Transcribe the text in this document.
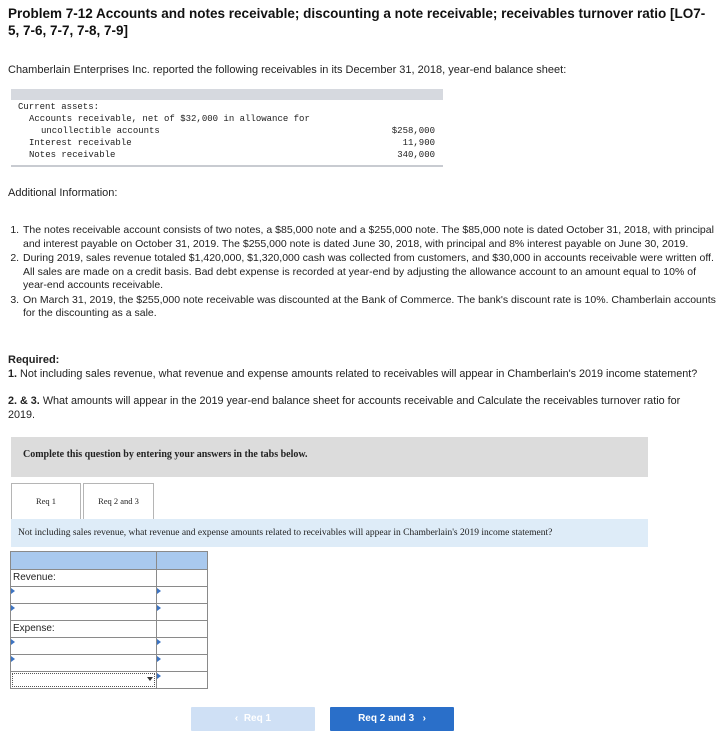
Problem 7-12 Accounts and notes receivable; discounting a note receivable; receivables turnover ratio [LO7-5, 7-6, 7-7, 7-8, 7-9]
Chamberlain Enterprises Inc. reported the following receivables in its December 31, 2018, year-end balance sheet:
Current assets:
Accounts receivable, net of $32,000 in allowance for
uncollectible accounts	$258,000
Interest receivable	11,900
Notes receivable	340,000
Additional Information:
1. The notes receivable account consists of two notes, a $85,000 note and a $255,000 note. The $85,000 note is dated October 31, 2018, with principal and interest payable on October 31, 2019. The $255,000 note is dated June 30, 2018, with principal and 8% interest payable on June 30, 2019.
2. During 2019, sales revenue totaled $1,420,000, $1,320,000 cash was collected from customers, and $30,000 in accounts receivable were written off. All sales are made on a credit basis. Bad debt expense is recorded at year-end by adjusting the allowance account to an amount equal to 10% of year-end accounts receivable.
3. On March 31, 2019, the $255,000 note receivable was discounted at the Bank of Commerce. The bank's discount rate is 10%. Chamberlain accounts for the discounting as a sale.
Required:
1. Not including sales revenue, what revenue and expense amounts related to receivables will appear in Chamberlain's 2019 income statement?
2. & 3. What amounts will appear in the 2019 year-end balance sheet for accounts receivable and Calculate the receivables turnover ratio for 2019.
Complete this question by entering your answers in the tabs below.
Req 1	Req 2 and 3
Not including sales revenue, what revenue and expense amounts related to receivables will appear in Chamberlain's 2019 income statement?

Revenue:	

Expense:	

‹ Req 1	Req 2 and 3 ›
